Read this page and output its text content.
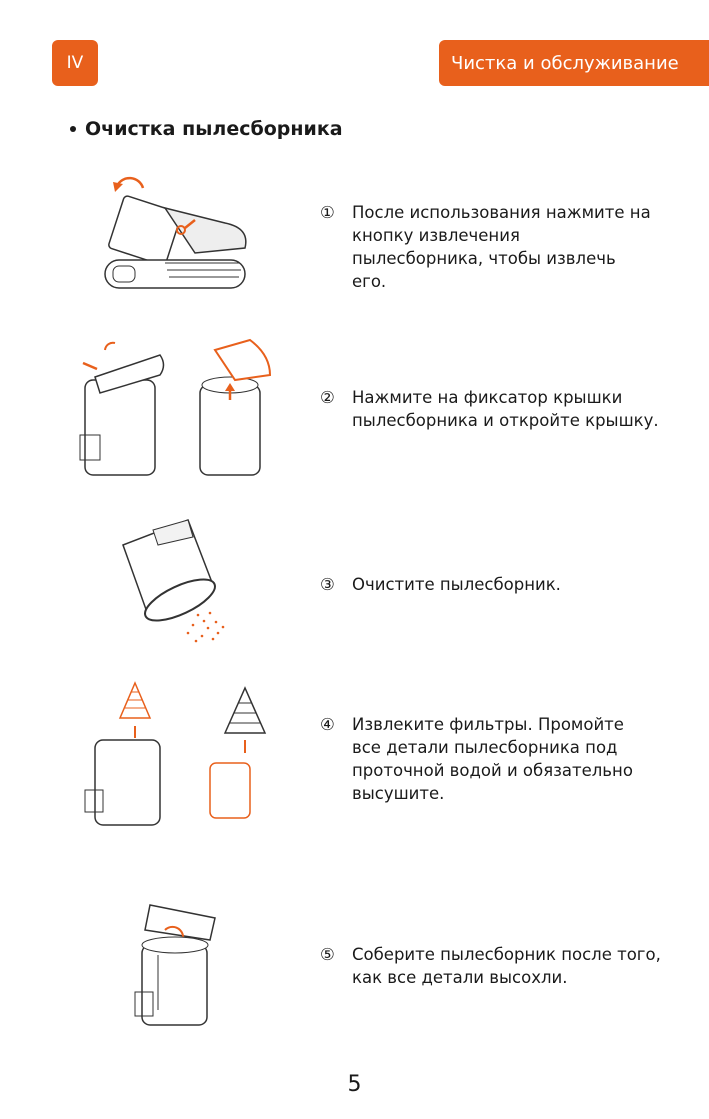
IV	Чистка и обслуживание
Очистка пылесборника
①	После использования нажмите на кнопку извлечения пылесборника, чтобы извлечь его.
②	Нажмите на фиксатор крышки пылесборника и откройте крышку.
③	Очистите пылесборник.
④	Извлеките фильтры. Промойте все детали пылесборника под проточной водой и обязательно высушите.
⑤	Соберите пылесборник после того, как все детали высохли.
5
